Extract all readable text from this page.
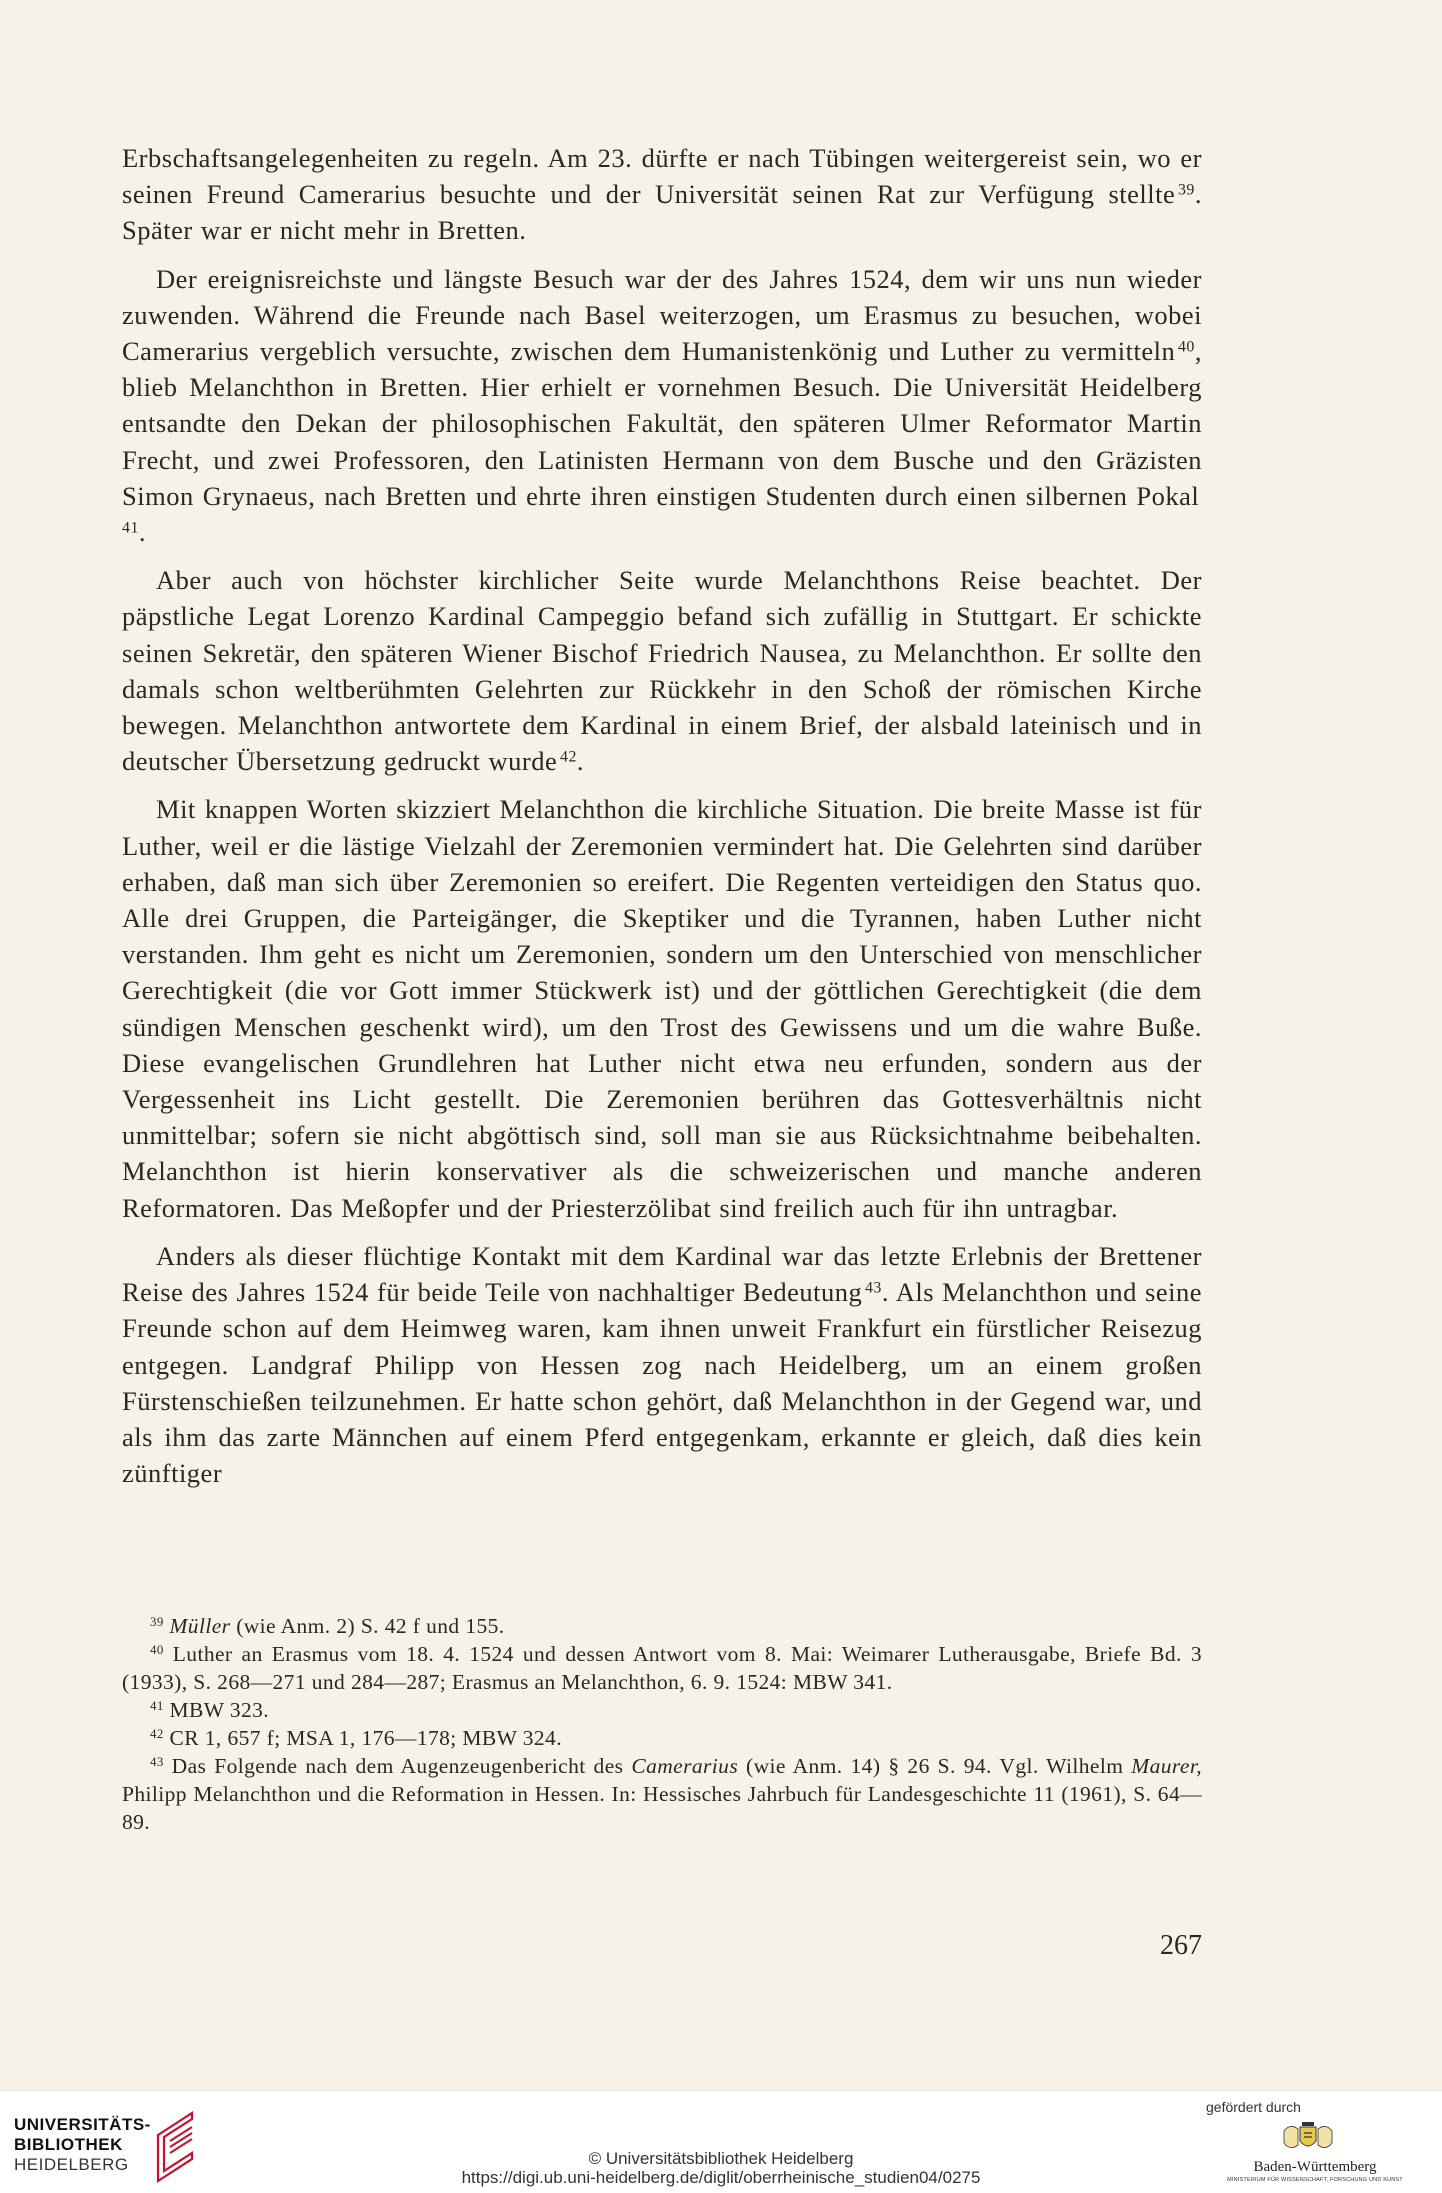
Erbschaftsangelegenheiten zu regeln. Am 23. dürfte er nach Tübingen weitergereist sein, wo er seinen Freund Camerarius besuchte und der Universität seinen Rat zur Verfügung stellte  $^{39}$. Später war er nicht mehr in Bretten.

Der ereignisreichste und längste Besuch war der des Jahres 1524, dem wir uns nun wieder zuwenden. Während die Freunde nach Basel weiterzogen, um Erasmus zu besuchen, wobei Camerarius vergeblich versuchte, zwischen dem Humanistenkönig und Luther zu vermitteln  $^{40}$, blieb Melanchthon in Bretten. Hier erhielt er vornehmen Besuch. Die Universität Heidelberg entsandte den Dekan der philosophischen Fakultät, den späteren Ulmer Reformator Martin Frecht, und zwei Professoren, den Latinisten Hermann von dem Busche und den Gräzisten Simon Grynaeus, nach Bretten und ehrte ihren einstigen Studenten durch einen silbernen Pokal $^{41}$.

Aber auch von höchster kirchlicher Seite wurde Melanchthons Reise beachtet. Der päpstliche Legat Lorenzo Kardinal Campeggio befand sich zufällig in Stuttgart. Er schickte seinen Sekretär, den späteren Wiener Bischof Friedrich Nausea, zu Melanchthon. Er sollte den damals schon weltberühmten Gelehrten zur Rückkehr in den Schoß der römischen Kirche bewegen. Melanchthon antwortete dem Kardinal in einem Brief, der alsbald lateinisch und in deutscher Übersetzung gedruckt wurde  $^{42}$.

Mit knappen Worten skizziert Melanchthon die kirchliche Situation. Die breite Masse ist für Luther, weil er die lästige Vielzahl der Zeremonien vermindert hat. Die Gelehrten sind darüber erhaben, daß man sich über Zeremonien so ereifert. Die Regenten verteidigen den Status quo. Alle drei Gruppen, die Parteigänger, die Skeptiker und die Tyrannen, haben Luther nicht verstanden. Ihm geht es nicht um Zeremonien, sondern um den Unterschied von menschlicher Gerechtigkeit (die vor Gott immer Stückwerk ist) und der göttlichen Gerechtigkeit (die dem sündigen Menschen geschenkt wird), um den Trost des Gewissens und um die wahre Buße. Diese evangelischen Grundlehren hat Luther nicht etwa neu erfunden, sondern aus der Vergessenheit ins Licht gestellt. Die Zeremonien berühren das Gottesverhältnis nicht unmittelbar; sofern sie nicht abgöttisch sind, soll man sie aus Rücksichtnahme beibehalten. Melanchthon ist hierin konservativer als die schweizerischen und manche anderen Reformatoren. Das Meßopfer und der Priesterzölibat sind freilich auch für ihn untragbar.

Anders als dieser flüchtige Kontakt mit dem Kardinal war das letzte Erlebnis der Brettener Reise des Jahres 1524 für beide Teile von nachhaltiger Bedeutung  $^{43}$. Als Melanchthon und seine Freunde schon auf dem Heimweg waren, kam ihnen unweit Frankfurt ein fürstlicher Reisezug entgegen. Landgraf Philipp von Hessen zog nach Heidelberg, um an einem großen Fürstenschießen teilzunehmen. Er hatte schon gehört, daß Melanchthon in der Gegend war, und als ihm das zarte Männchen auf einem Pferd entgegenkam, erkannte er gleich, daß dies kein zünftiger

$^{39}$ Müller (wie Anm. 2) S. 42 f und 155.

$^{40}$ Luther an Erasmus vom 18. 4. 1524 und dessen Antwort vom 8. Mai: Weimarer Lutherausgabe, Briefe Bd. 3 (1933), S. 268—271 und 284—287; Erasmus an Melanchthon, 6. 9. 1524: MBW 341.

$^{41}$ MBW 323.

$^{42}$ CR 1, 657 f; MSA 1, 176—178; MBW 324.

$^{43}$ Das Folgende nach dem Augenzeugenbericht des Camerarius (wie Anm. 14) § 26 S. 94. Vgl. Wilhelm Maurer, Philipp Melanchthon und die Reformation in Hessen. In: Hessisches Jahrbuch für Landesgeschichte 11 (1961), S. 64—89.

267
UNIVERSITÄTS-
BIBLIOTHEK
HEIDELBERG	© Universitätsbibliothek Heidelberg
https://digi.ub.uni-heidelberg.de/diglit/oberrheinische_studien04/0275
gefördert durch
Baden-Württemberg
MINISTERIUM FÜR WISSENSCHAFT, FORSCHUNG UND KUNST
